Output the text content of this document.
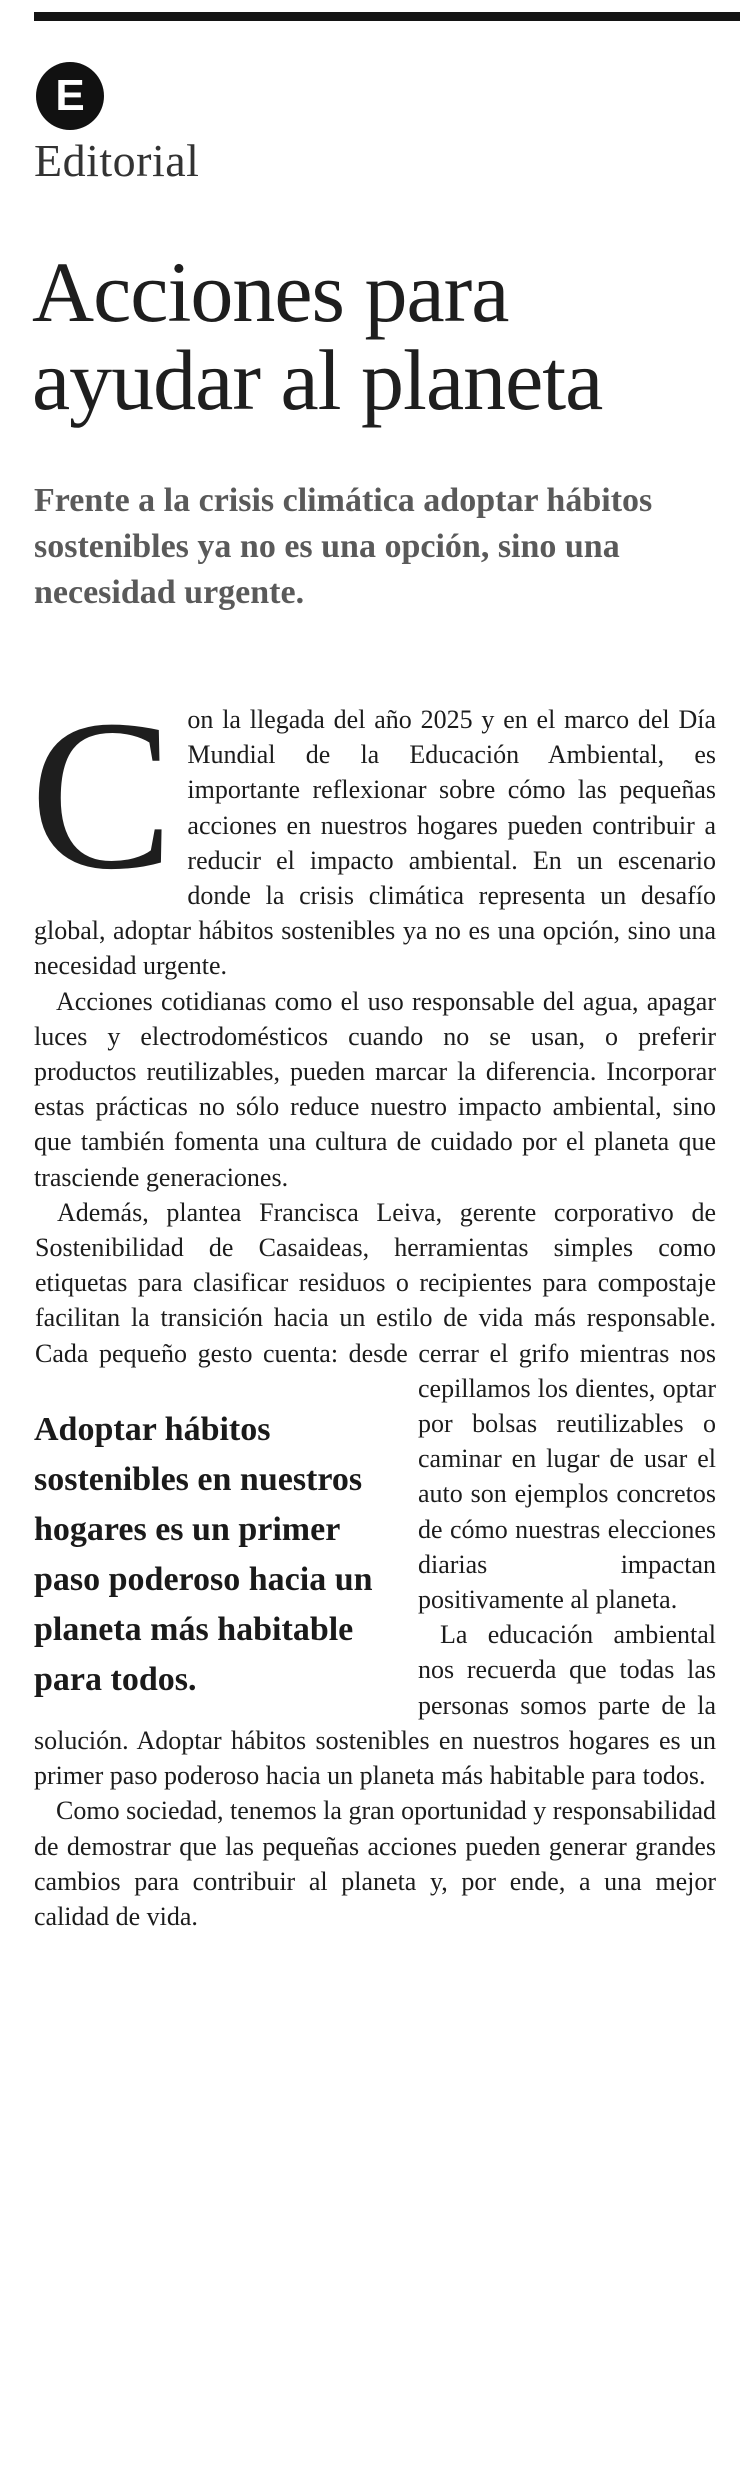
E
Editorial
Acciones para ayudar al planeta

Frente a la crisis climática adoptar hábitos sostenibles ya no es una opción, sino una necesidad urgente.

Con la llegada del año 2025 y en el marco del Día Mundial de la Educación Ambiental, es importante reflexionar sobre cómo las pequeñas acciones en nuestros hogares pueden contribuir a reducir el impacto ambiental. En un escenario donde la crisis climática representa un desafío global, adoptar hábitos sostenibles ya no es una opción, sino una necesidad urgente.

Acciones cotidianas como el uso responsable del agua, apagar luces y electrodomésticos cuando no se usan, o preferir productos reutilizables, pueden marcar la diferencia. Incorporar estas prácticas no sólo reduce nuestro impacto ambiental, sino que también fomenta una cultura de cuidado por el planeta que trasciende generaciones.

Adoptar hábitos sostenibles en nuestros hogares es un primer paso poderoso hacia un planeta más habitable para todos.

Además, plantea Francisca Leiva, gerente corporativo de Sostenibilidad de Casaideas, herramientas simples como etiquetas para clasificar residuos o recipientes para compostaje facilitan la transición hacia un estilo de vida más responsable. Cada pequeño gesto cuenta: desde cerrar el grifo mientras nos cepillamos los dientes, optar por bolsas reutilizables o caminar en lugar de usar el auto son ejemplos concretos de cómo nuestras elecciones diarias impactan positivamente al planeta.

La educación ambiental nos recuerda que todas las personas somos parte de la solución. Adoptar hábitos sostenibles en nuestros hogares es un primer paso poderoso hacia un planeta más habitable para todos.

Como sociedad, tenemos la gran oportunidad y responsabilidad de demostrar que las pequeñas acciones pueden generar grandes cambios para contribuir al planeta y, por ende, a una mejor calidad de vida.
